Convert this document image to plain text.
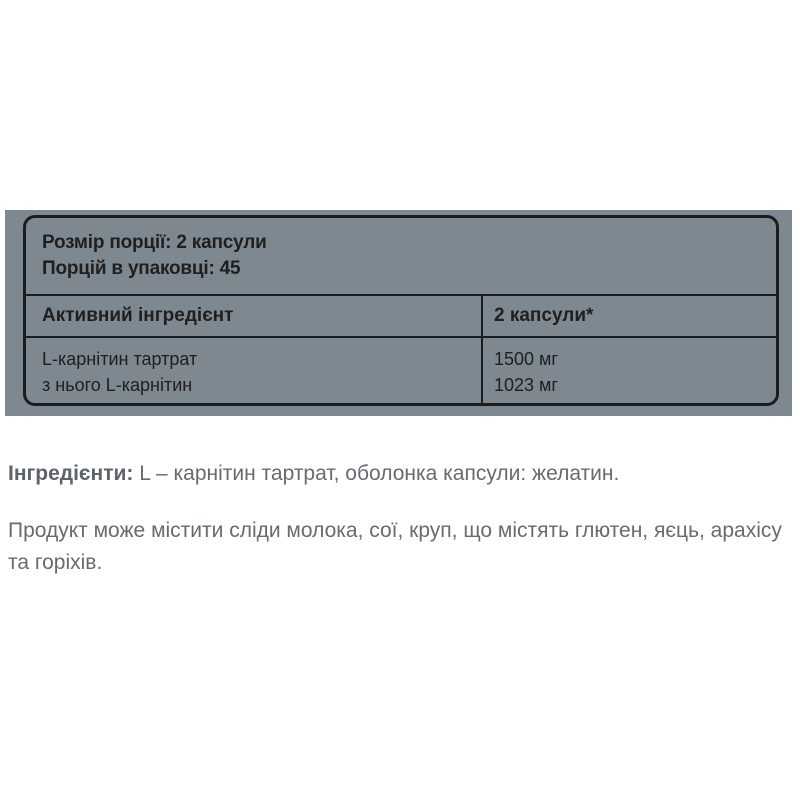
Розмір порції: 2 капсули
Порцій в упаковці: 45
Активний інгредієнт	2 капсули*
L-карнітин тартрат
з нього L-карнітин
1500 мг
1023 мг

Інгредієнти: L – карнітин тартрат, оболонка капсули: желатин.

Продукт може містити сліди молока, сої, круп, що містять глютен, яєць, арахісу та горіхів.
